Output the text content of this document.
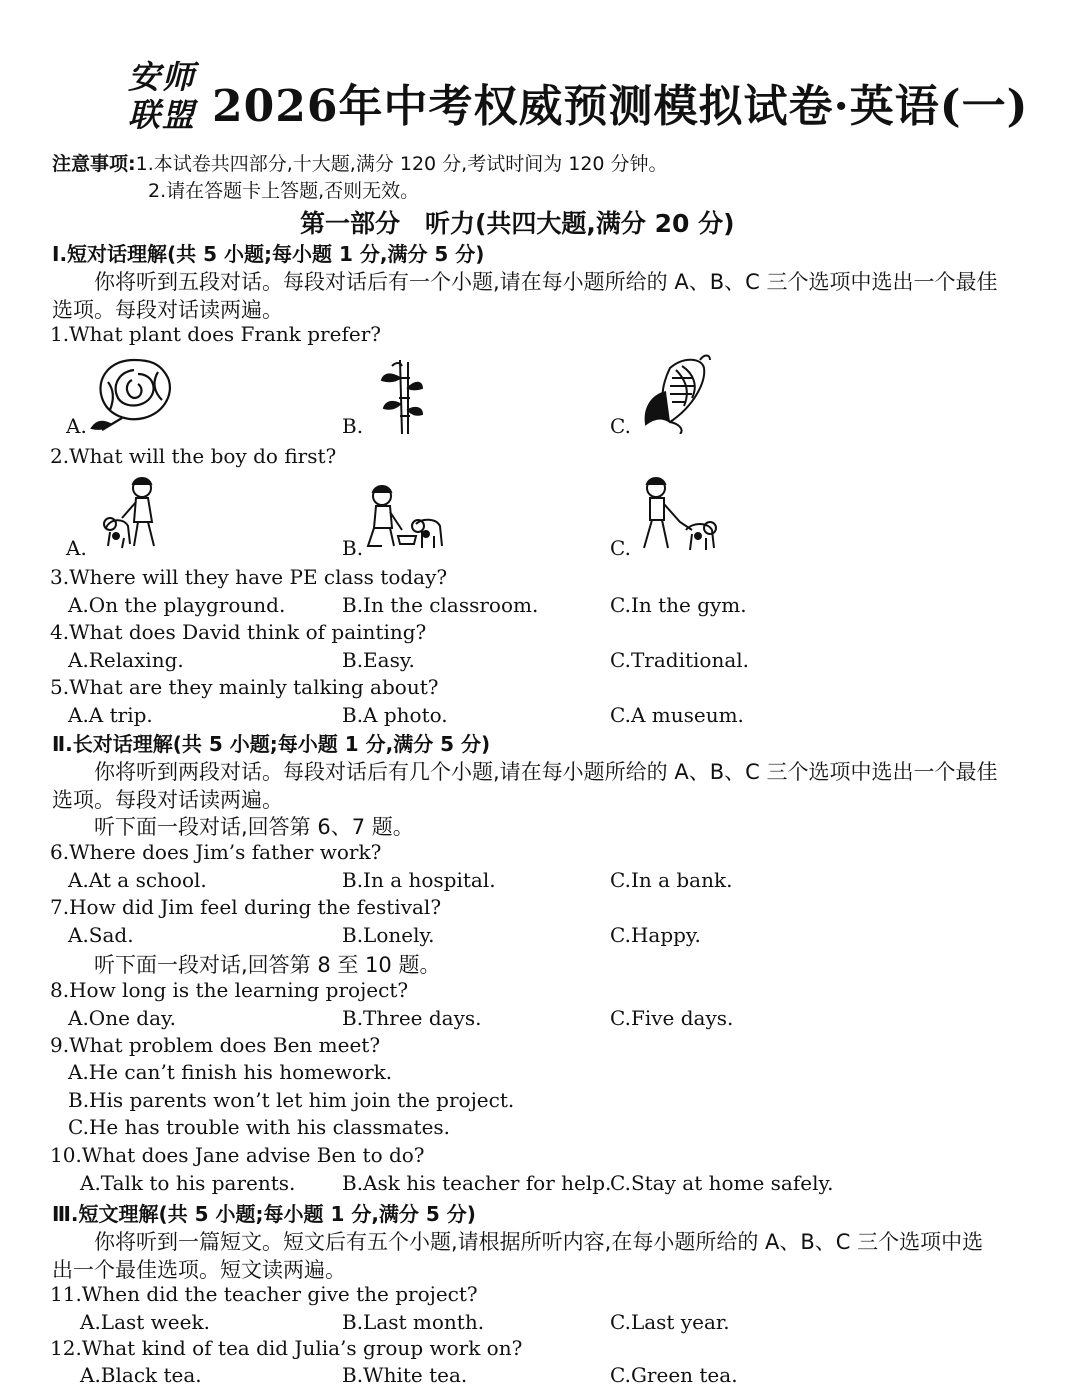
安师
联盟 2026年中考权威预测模拟试卷·英语(一)
注意事项:1.本试卷共四部分,十大题,满分 120 分,考试时间为 120 分钟。
2.请在答题卡上答题,否则无效。
第一部分　听力(共四大题,满分 20 分)
Ⅰ.短对话理解(共 5 小题;每小题 1 分,满分 5 分)
你将听到五段对话。每段对话后有一个小题,请在每小题所给的 A、B、C 三个选项中选出一个最佳
选项。每段对话读两遍。
1.What plant does Frank prefer?
A.	B.	C.
2.What will the boy do first?
A.	B.	C.
3.Where will they have PE class today?
A.On the playground.	B.In the classroom.	C.In the gym.
4.What does David think of painting?
A.Relaxing.	B.Easy.	C.Traditional.
5.What are they mainly talking about?
A.A trip.	B.A photo.	C.A museum.
Ⅱ.长对话理解(共 5 小题;每小题 1 分,满分 5 分)
你将听到两段对话。每段对话后有几个小题,请在每小题所给的 A、B、C 三个选项中选出一个最佳
选项。每段对话读两遍。
听下面一段对话,回答第 6、7 题。
6.Where does Jim’s father work?
A.At a school.	B.In a hospital.	C.In a bank.
7.How did Jim feel during the festival?
A.Sad.	B.Lonely.	C.Happy.
听下面一段对话,回答第 8 至 10 题。
8.How long is the learning project?
A.One day.	B.Three days.	C.Five days.
9.What problem does Ben meet?
A.He can’t finish his homework.
B.His parents won’t let him join the project.
C.He has trouble with his classmates.
10.What does Jane advise Ben to do?
A.Talk to his parents. B.Ask his teacher for help.
C.Stay at home safely.
Ⅲ.短文理解(共 5 小题;每小题 1 分,满分 5 分)
你将听到一篇短文。短文后有五个小题,请根据所听内容,在每小题所给的 A、B、C 三个选项中选
出一个最佳选项。短文读两遍。
11.When did the teacher give the project?
A.Last week.	B.Last month.	C.Last year.
12.What kind of tea did Julia’s group work on?
A.Black tea.	B.White tea.	C.Green tea.
